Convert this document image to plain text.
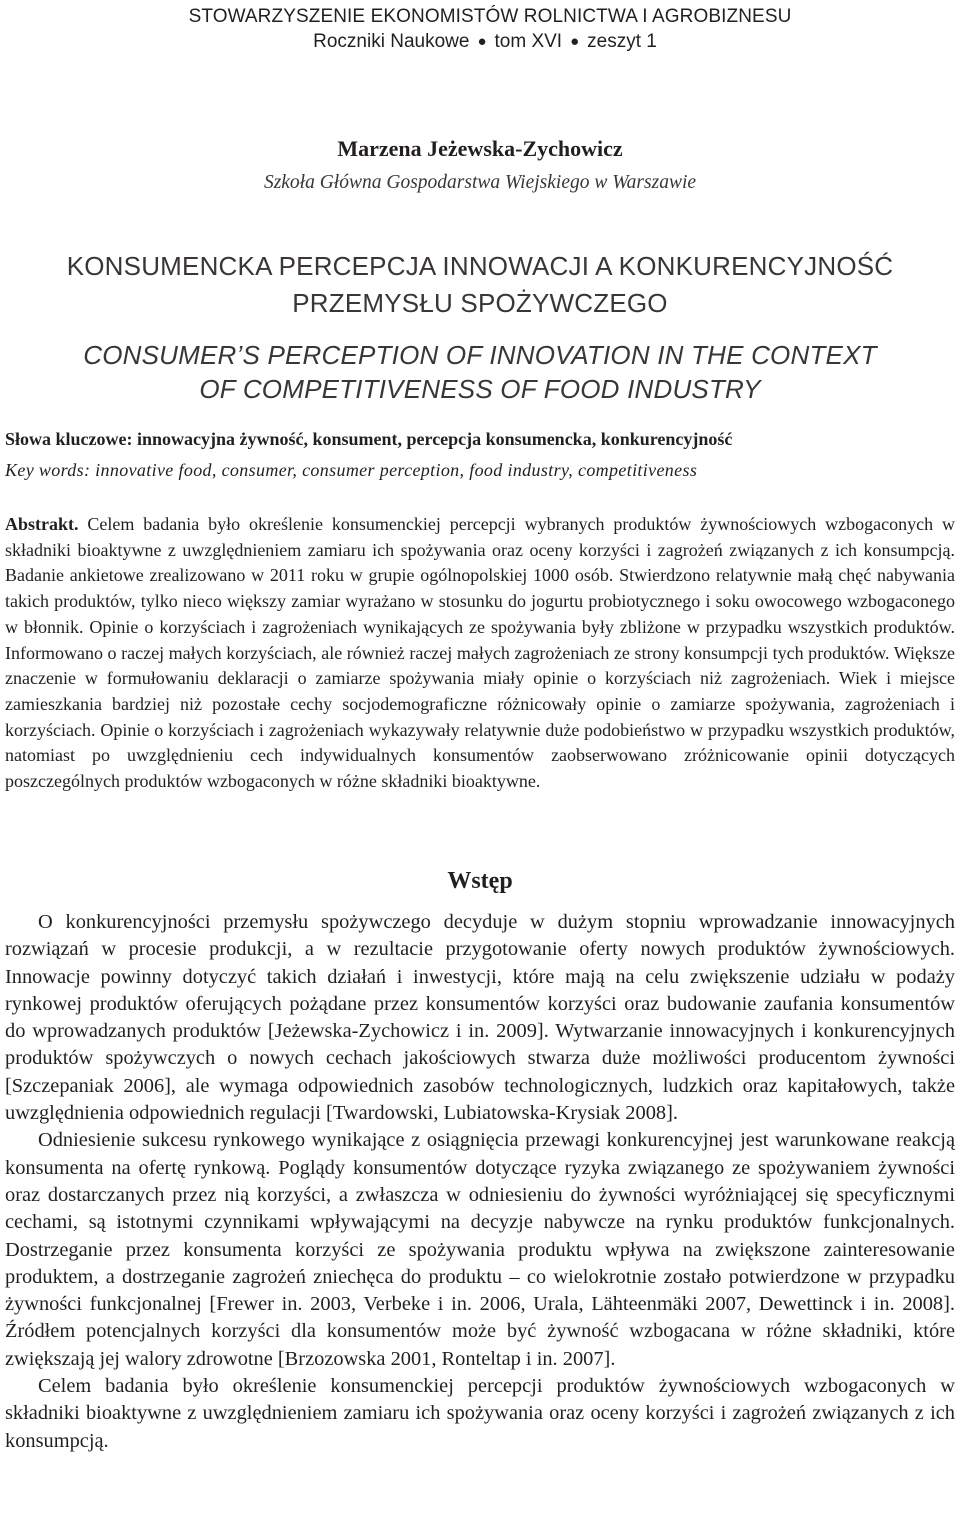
STOWARZYSZENIE EKONOMISTÓW ROLNICTWA I AGROBIZNESU
Roczniki Naukowe ● tom XVI ● zeszyt 1
Marzena Jeżewska-Zychowicz
Szkoła Główna Gospodarstwa Wiejskiego w Warszawie
KONSUMENCKA PERCEPCJA INNOWACJI A KONKURENCYJNOŚĆ
PRZEMYSŁU SPOŻYWCZEGO
CONSUMER’S PERCEPTION OF INNOVATION IN THE CONTEXT
OF COMPETITIVENESS OF FOOD INDUSTRY
Słowa kluczowe: innowacyjna żywność, konsument, percepcja konsumencka, konkurencyjność
Key words: innovative food, consumer, consumer perception, food industry, competitiveness

Abstrakt. Celem badania było określenie konsumenckiej percepcji wybranych produktów żywnościowych wzbogaconych w składniki bioaktywne z uwzględnieniem zamiaru ich spożywania oraz oceny korzyści i zagrożeń związanych z ich konsumpcją. Badanie ankietowe zrealizowano w 2011 roku w grupie ogólnopolskiej 1000 osób. Stwierdzono relatywnie małą chęć nabywania takich produktów, tylko nieco większy zamiar wyrażano w stosunku do jogurtu probiotycznego i soku owocowego wzbogaconego w błonnik. Opinie o korzyściach i zagrożeniach wynikających ze spożywania były zbliżone w przypadku wszystkich produktów. Informowano o raczej małych korzyściach, ale również raczej małych zagrożeniach ze strony konsumpcji tych produktów. Większe znaczenie w formułowaniu deklaracji o zamiarze spożywania miały opinie o korzyściach niż zagrożeniach. Wiek i miejsce zamieszkania bardziej niż pozostałe cechy socjodemograficzne różnicowały opinie o zamiarze spożywania, zagrożeniach i korzyściach. Opinie o korzyściach i zagrożeniach wykazywały relatywnie duże podobieństwo w przypadku wszystkich produktów, natomiast po uwzględnieniu cech indywidualnych konsumentów zaobserwowano zróżnicowanie opinii dotyczących poszczególnych produktów wzbogaconych w różne składniki bioaktywne.

Wstęp

O konkurencyjności przemysłu spożywczego decyduje w dużym stopniu wprowadzanie innowacyjnych rozwiązań w procesie produkcji, a w rezultacie przygotowanie oferty nowych produktów żywnościowych. Innowacje powinny dotyczyć takich działań i inwestycji, które mają na celu zwiększenie udziału w podaży rynkowej produktów oferujących pożądane przez konsumentów korzyści oraz budowanie zaufania konsumentów do wprowadzanych produktów [Jeżewska-Zychowicz i in. 2009]. Wytwarzanie innowacyjnych i konkurencyjnych produktów spożywczych o nowych cechach jakościowych stwarza duże możliwości producentom żywności [Szczepaniak 2006], ale wymaga odpowiednich zasobów technologicznych, ludzkich oraz kapitałowych, także uwzględnienia odpowiednich regulacji [Twardowski, Lubiatowska-Krysiak 2008].

Odniesienie sukcesu rynkowego wynikające z osiągnięcia przewagi konkurencyjnej jest warunkowane reakcją konsumenta na ofertę rynkową. Poglądy konsumentów dotyczące ryzyka związanego ze spożywaniem żywności oraz dostarczanych przez nią korzyści, a zwłaszcza w odniesieniu do żywności wyróżniającej się specyficznymi cechami, są istotnymi czynnikami wpływającymi na decyzje nabywcze na rynku produktów funkcjonalnych. Dostrzeganie przez konsumenta korzyści ze spożywania produktu wpływa na zwiększone zainteresowanie produktem, a dostrzeganie zagrożeń zniechęca do produktu – co wielokrotnie zostało potwierdzone w przypadku żywności funkcjonalnej [Frewer in. 2003, Verbeke i in. 2006, Urala, Lähteenmäki 2007, Dewettinck i in. 2008]. Źródłem potencjalnych korzyści dla konsumentów może być żywność wzbogacana w różne składniki, które zwiększają jej walory zdrowotne [Brzozowska 2001, Ronteltap i in. 2007].

Celem badania było określenie konsumenckiej percepcji produktów żywnościowych wzbogaconych w składniki bioaktywne z uwzględnieniem zamiaru ich spożywania oraz oceny korzyści i zagrożeń związanych z ich konsumpcją.
